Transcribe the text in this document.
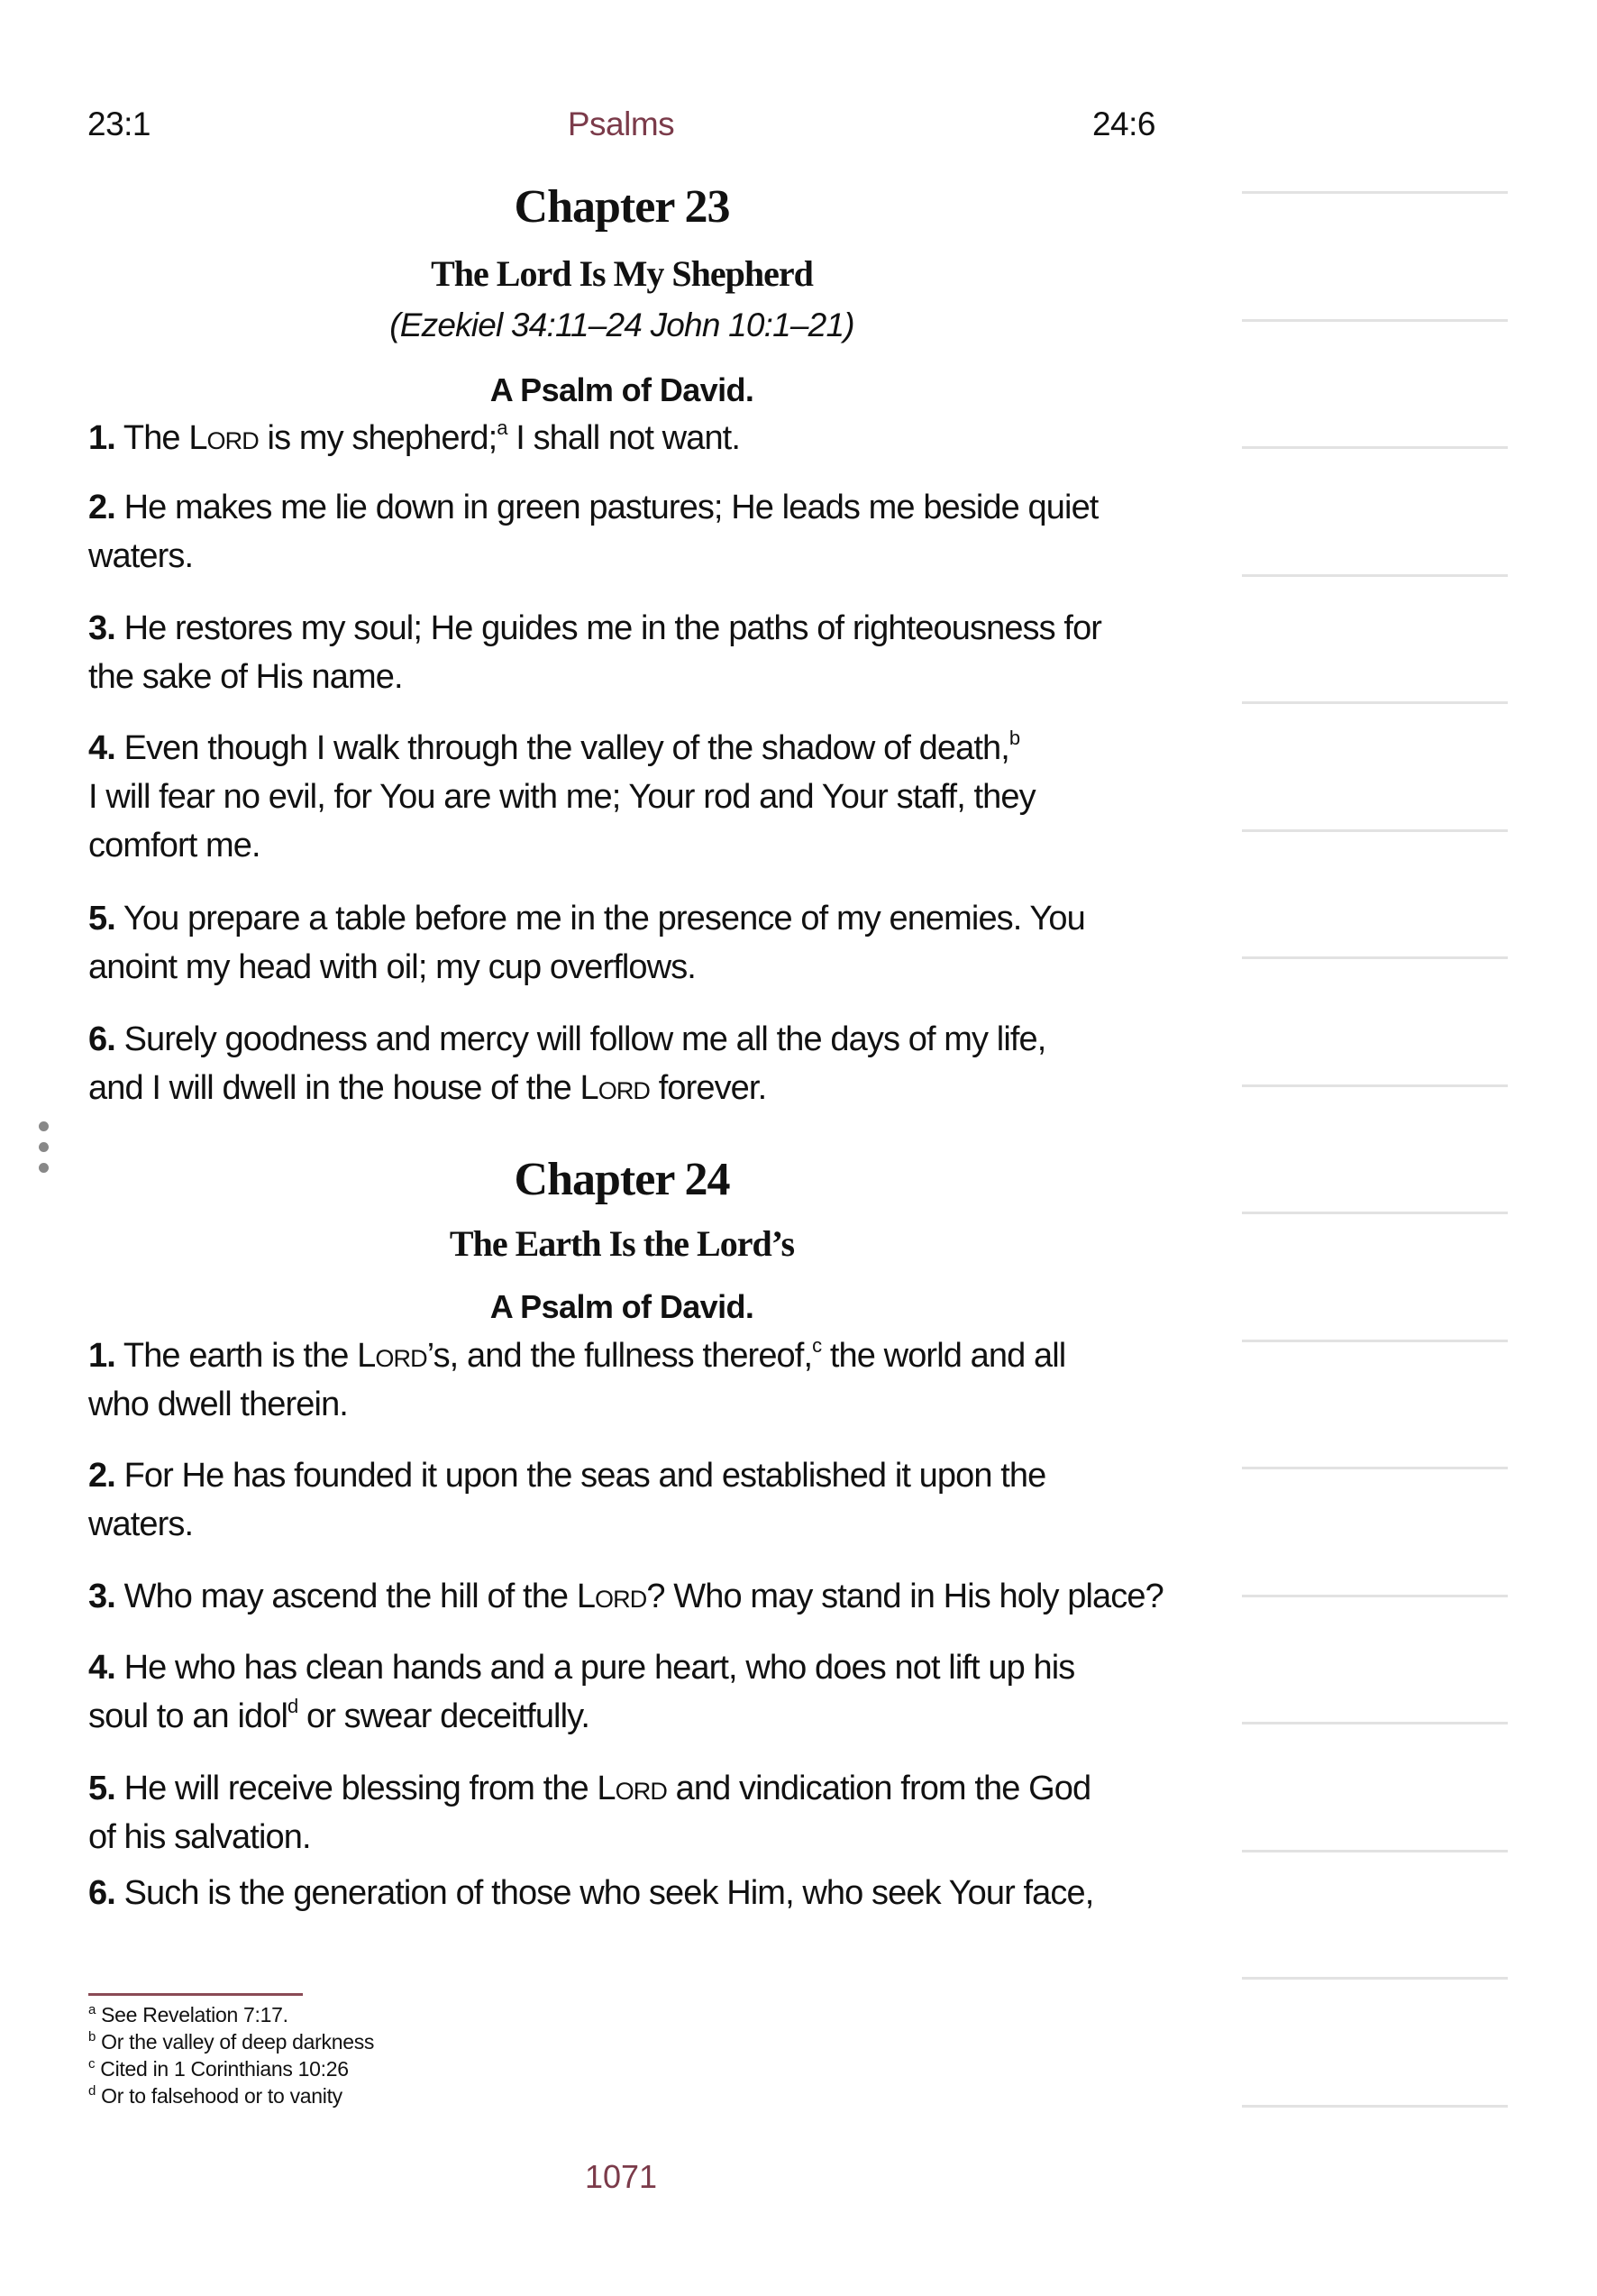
23:1	Psalms	24:6
Chapter 23
The Lord Is My Shepherd
(Ezekiel 34:11–24 John 10:1–21)
A Psalm of David.
1. The Lord is my shepherd;$^a$ I shall not want.
2. He makes me lie down in green pastures; He leads me beside quiet
waters.
3. He restores my soul; He guides me in the paths of righteousness for
the sake of His name.
4. Even though I walk through the valley of the shadow of death,$^b$
I will fear no evil, for You are with me; Your rod and Your staff, they
comfort me.
5. You prepare a table before me in the presence of my enemies. You
anoint my head with oil; my cup overflows.
6. Surely goodness and mercy will follow me all the days of my life,
and I will dwell in the house of the Lord forever.
Chapter 24
The Earth Is the Lord’s
A Psalm of David.
1. The earth is the Lord’s, and the fullness thereof,$^c$ the world and all
who dwell therein.
2. For He has founded it upon the seas and established it upon the
waters.
3. Who may ascend the hill of the Lord? Who may stand in His holy place?
4. He who has clean hands and a pure heart, who does not lift up his
soul to an idol$^d$ or swear deceitfully.
5. He will receive blessing from the Lord and vindication from the God
of his salvation.
6. Such is the generation of those who seek Him, who seek Your face,
$^a$ See Revelation 7:17.
$^b$ Or the valley of deep darkness
$^c$ Cited in 1 Corinthians 10:26
$^d$ Or to falsehood or to vanity
1071
